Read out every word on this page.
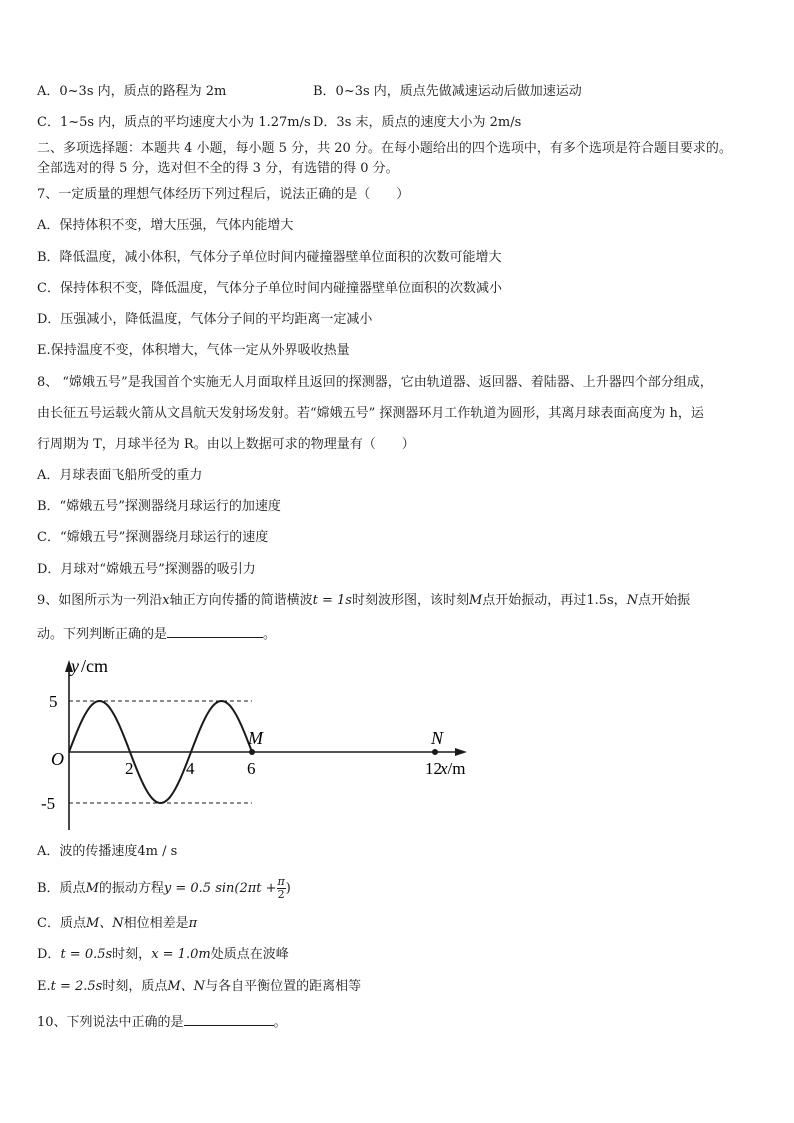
A．0~3s 内，质点的路程为 2m	B．0~3s 内，质点先做减速运动后做加速运动
C．1~5s 内，质点的平均速度大小为 1.27m/s D．3s 末，质点的速度大小为 2m/s
二、多项选择题：本题共 4 小题，每小题 5 分，共 20 分。在每小题给出的四个选项中，有多个选项是符合题目要求的。
全部选对的得 5 分，选对但不全的得 3 分，有选错的得 0 分。
7、一定质量的理想气体经历下列过程后，说法正确的是（　　）
A．保持体积不变，增大压强，气体内能增大
B．降低温度，减小体积，气体分子单位时间内碰撞器壁单位面积的次数可能增大
C．保持体积不变，降低温度，气体分子单位时间内碰撞器壁单位面积的次数减小
D．压强减小，降低温度，气体分子间的平均距离一定减小
E.保持温度不变，体积增大，气体一定从外界吸收热量
8、 “嫦娥五号”是我国首个实施无人月面取样且返回的探测器，它由轨道器、返回器、着陆器、上升器四个部分组成，
由长征五号运载火箭从文昌航天发射场发射。若“嫦娥五号” 探测器环月工作轨道为圆形，其离月球表面高度为 h，运
行周期为 T，月球半径为 R。由以上数据可求的物理量有（　　）
A．月球表面飞船所受的重力
B．“嫦娥五号”探测器绕月球运行的加速度
C．“嫦娥五号”探测器绕月球运行的速度
D．月球对“嫦娥五号”探测器的吸引力
9、如图所示为一列沿x轴正方向传播的简谐横波t = 1s时刻波形图，该时刻M点开始振动，再过1.5s，N点开始振
动。下列判断正确的是	。
/cm
y
5
-5
O	2	4	6	12
x/m
M	N
A．波的传播速度4m / s
B．质点M的振动方程y = 0.5 $\sin(2\pi t + \frac{\pi}{2}$ )
C．质点M、N相位相差是π
D．t = 0.5s时刻，x = 1.0m处质点在波峰
E.t = 2.5s时刻，质点M、N与各自平衡位置的距离相等
10、下列说法中正确的是	。
